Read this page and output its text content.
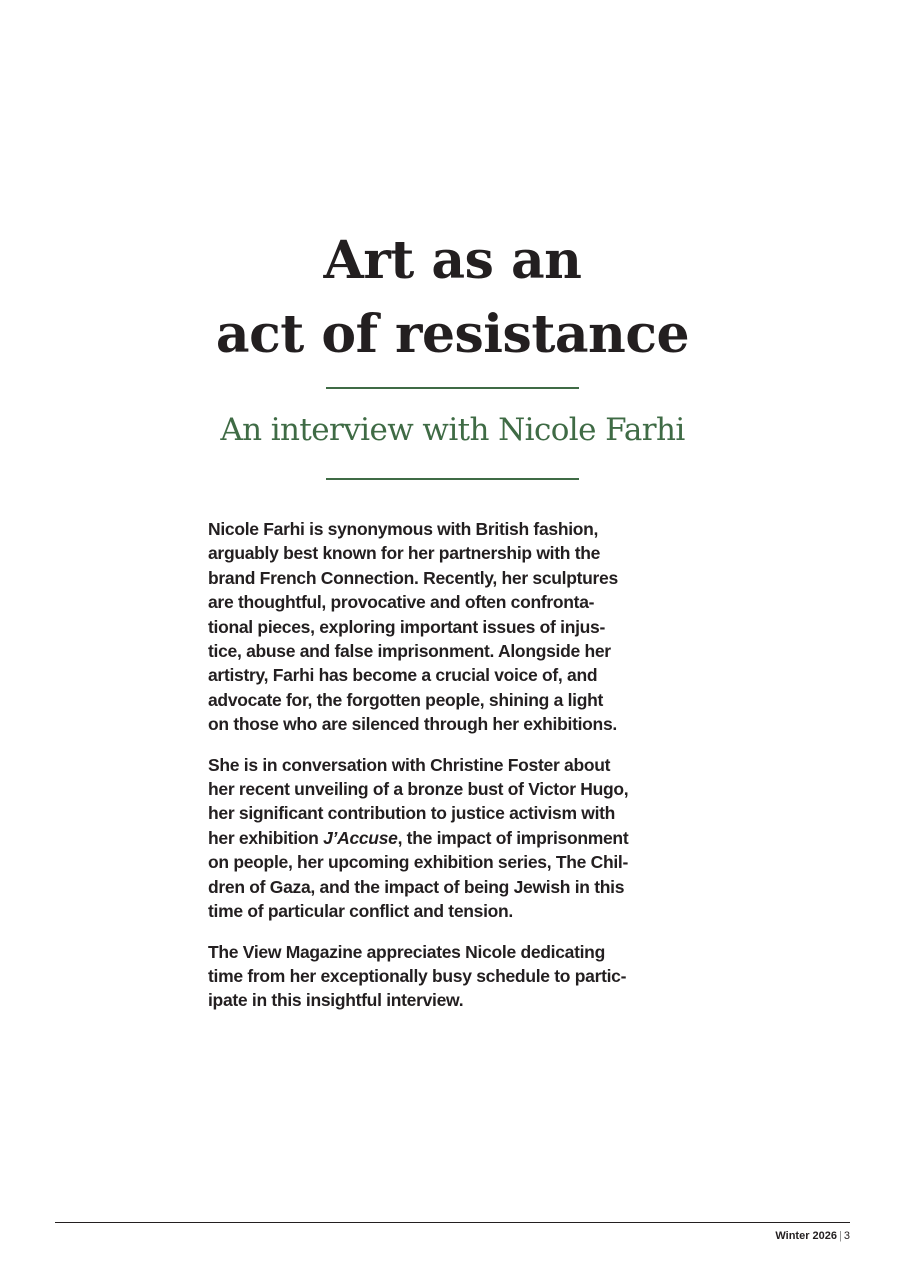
Art as an
act of resistance
An interview with Nicole Farhi

Nicole Farhi is synonymous with British fashion,
arguably best known for her partnership with the
brand French Connection. Recently, her sculptures
are thoughtful, provocative and often confronta-
tional pieces, exploring important issues of injus-
tice, abuse and false imprisonment. Alongside her
artistry, Farhi has become a crucial voice of, and
advocate for, the forgotten people, shining a light
on those who are silenced through her exhibitions.

She is in conversation with Christine Foster about
her recent unveiling of a bronze bust of Victor Hugo,
her significant contribution to justice activism with
her exhibition J’Accuse, the impact of imprisonment
on people, her upcoming exhibition series, The Chil-
dren of Gaza, and the impact of being Jewish in this
time of particular conflict and tension.

The View Magazine appreciates Nicole dedicating
time from her exceptionally busy schedule to partic-
ipate in this insightful interview.

Winter 2026 | 3
